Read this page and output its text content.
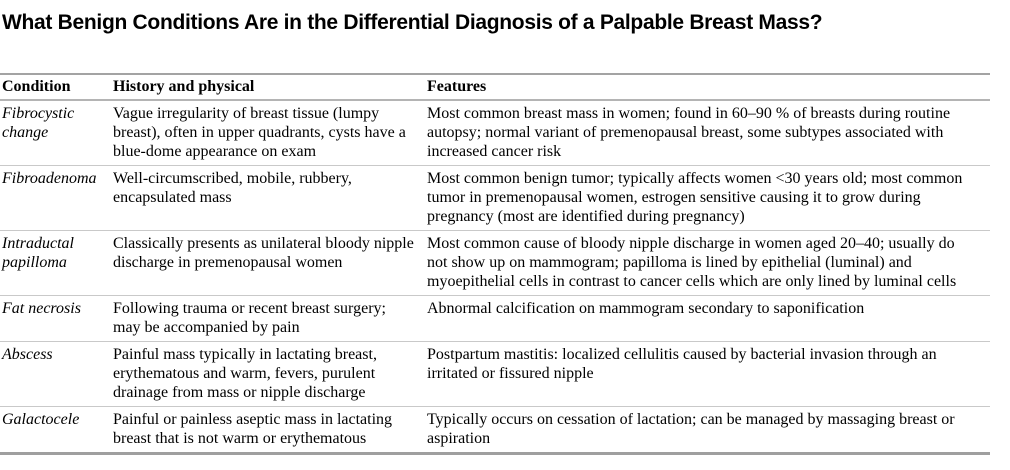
What Benign Conditions Are in the Differential Diagnosis of a Palpable Breast Mass?
Condition	History and physical	Features
Fibrocystic change	Vague irregularity of breast tissue (lumpy breast), often in upper quadrants, cysts have a blue-dome appearance on exam	Most common breast mass in women; found in 60–90 % of breasts during routine autopsy; normal variant of premenopausal breast, some subtypes associated with increased cancer risk
Fibroadenoma	Well-circumscribed, mobile, rubbery, encapsulated mass	Most common benign tumor; typically affects women <30 years old; most common tumor in premenopausal women, estrogen sensitive causing it to grow during pregnancy (most are identified during pregnancy)
Intraductal papilloma	Classically presents as unilateral bloody nipple discharge in premenopausal women	Most common cause of bloody nipple discharge in women aged 20–40; usually do not show up on mammogram; papilloma is lined by epithelial (luminal) and myoepithelial cells in contrast to cancer cells which are only lined by luminal cells
Fat necrosis	Following trauma or recent breast surgery; may be accompanied by pain	Abnormal calcification on mammogram secondary to saponification
Abscess	Painful mass typically in lactating breast, erythematous and warm, fevers, purulent drainage from mass or nipple discharge	Postpartum mastitis: localized cellulitis caused by bacterial invasion through an irritated or fissured nipple
Galactocele	Painful or painless aseptic mass in lactating breast that is not warm or erythematous	Typically occurs on cessation of lactation; can be managed by massaging breast or aspiration
